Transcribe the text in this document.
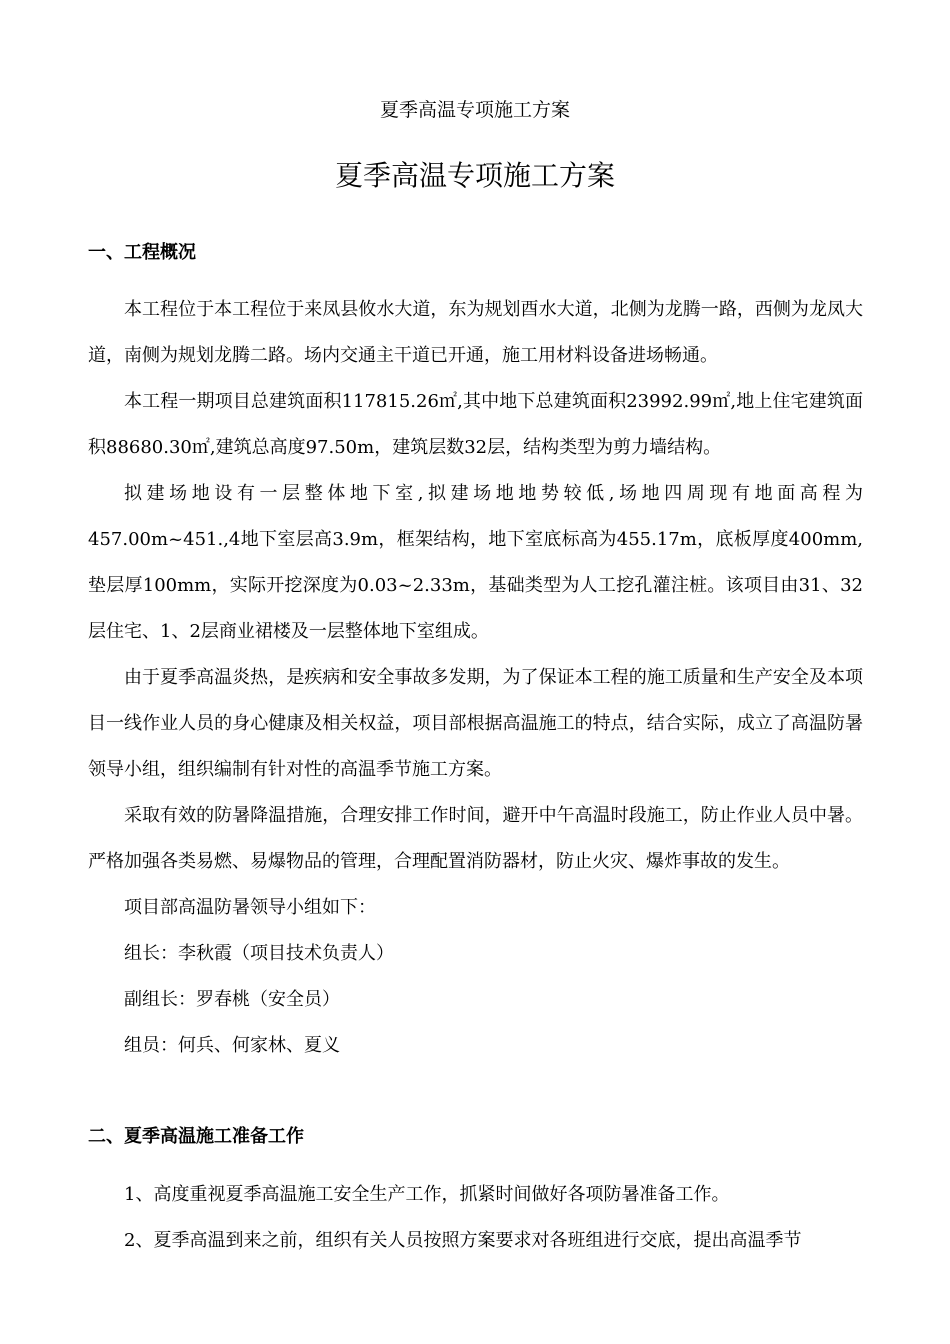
夏季高温专项施工方案
夏季高温专项施工方案
一、工程概况

本工程位于本工程位于来凤县攸水大道，东为规划酉水大道，北侧为龙腾一路，西侧为龙凤大道，南侧为规划龙腾二路。场内交通主干道已开通，施工用材料设备进场畅通。

本工程一期项目总建筑面积117815.26㎡,其中地下总建筑面积23992.99㎡,地上住宅建筑面积88680.30㎡,建筑总高度97.50m，建筑层数32层，结构类型为剪力墙结构。

拟建场地设有一层整体地下室,拟建场地地势较低,场地四周现有地面高程为457.00m~451.,4地下室层高3.9m，框架结构，地下室底标高为455.17m，底板厚度400mm,垫层厚100mm，实际开挖深度为0.03~2.33m，基础类型为人工挖孔灌注桩。该项目由31、32层住宅、1、2层商业裙楼及一层整体地下室组成。

由于夏季高温炎热，是疾病和安全事故多发期，为了保证本工程的施工质量和生产安全及本项目一线作业人员的身心健康及相关权益，项目部根据高温施工的特点，结合实际，成立了高温防暑领导小组，组织编制有针对性的高温季节施工方案。

采取有效的防暑降温措施，合理安排工作时间，避开中午高温时段施工，防止作业人员中暑。严格加强各类易燃、易爆物品的管理，合理配置消防器材，防止火灾、爆炸事故的发生。

项目部高温防暑领导小组如下：

组长：李秋霞（项目技术负责人）

副组长：罗春桃（安全员）

组员：何兵、何家林、夏义

二、夏季高温施工准备工作

1、高度重视夏季高温施工安全生产工作，抓紧时间做好各项防暑准备工作。

2、夏季高温到来之前，组织有关人员按照方案要求对各班组进行交底，提出高温季节
